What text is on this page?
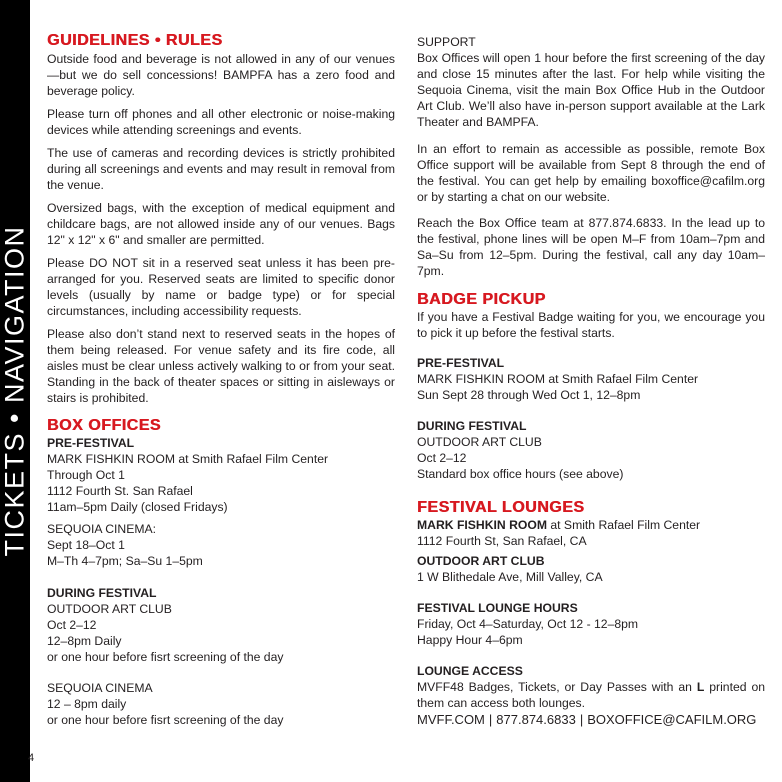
TICKETS • NAVIGATION
4
GUIDELINES • RULES

Outside food and beverage is not allowed in any of our venues—but we do sell concessions! BAMPFA has a zero food and beverage policy.

Please turn off phones and all other electronic or noise-making devices while attending screenings and events.

The use of cameras and recording devices is strictly prohibited during all screenings and events and may result in removal from the venue.

Oversized bags, with the exception of medical equipment and childcare bags, are not allowed inside any of our venues. Bags 12" x 12" x 6" and smaller are permitted.

Please DO NOT sit in a reserved seat unless it has been pre-arranged for you. Reserved seats are limited to specific donor levels (usually by name or badge type) or for special circumstances, including accessibility requests.

Please also don’t stand next to reserved seats in the hopes of them being released. For venue safety and its fire code, all aisles must be clear unless actively walking to or from your seat. Standing in the back of theater spaces or sitting in aisleways or stairs is prohibited.

BOX OFFICES

PRE-FESTIVAL

MARK FISHKIN ROOM at Smith Rafael Film Center
Through Oct 1
1112 Fourth St. San Rafael
11am–5pm Daily (closed Fridays)
SEQUOIA CINEMA:
Sept 18–Oct 1
M–Th 4–7pm; Sa–Su 1–5pm

DURING FESTIVAL

OUTDOOR ART CLUB
Oct 2–12
12–8pm Daily
or one hour before fisrt screening of the day
SEQUOIA CINEMA
12 – 8pm daily
or one hour before fisrt screening of the day

SUPPORT

Box Offices will open 1 hour before the first screening of the day and close 15 minutes after the last. For help while visiting the Sequoia Cinema, visit the main Box Office Hub in the Outdoor Art Club. We’ll also have in-person support available at the Lark Theater and BAMPFA.

In an effort to remain as accessible as possible, remote Box Office support will be available from Sept 8 through the end of the festival. You can get help by emailing boxoffice@cafilm.org or by starting a chat on our website.

Reach the Box Office team at 877.874.6833. In the lead up to the festival, phone lines will be open M–F from 10am–7pm and Sa–Su from 12–5pm. During the festival, call any day 10am–7pm.

BADGE PICKUP

If you have a Festival Badge waiting for you, we encourage you to pick it up before the festival starts.

PRE-FESTIVAL

MARK FISHKIN ROOM at Smith Rafael Film Center
Sun Sept 28 through Wed Oct 1, 12–8pm

DURING FESTIVAL

OUTDOOR ART CLUB
Oct 2–12
Standard box office hours (see above)
FESTIVAL LOUNGES

MARK FISHKIN ROOM at Smith Rafael Film Center

1112 Fourth St, San Rafael, CA

OUTDOOR ART CLUB

1 W Blithedale Ave, Mill Valley, CA

FESTIVAL LOUNGE HOURS

Friday, Oct 4–Saturday, Oct 12 - 12–8pm
Happy Hour 4–6pm

LOUNGE ACCESS

MVFF48 Badges, Tickets, or Day Passes with an L printed on them can access both lounges.

MVFF.COM | 877.874.6833 | BOXOFFICE@CAFILM.ORG
